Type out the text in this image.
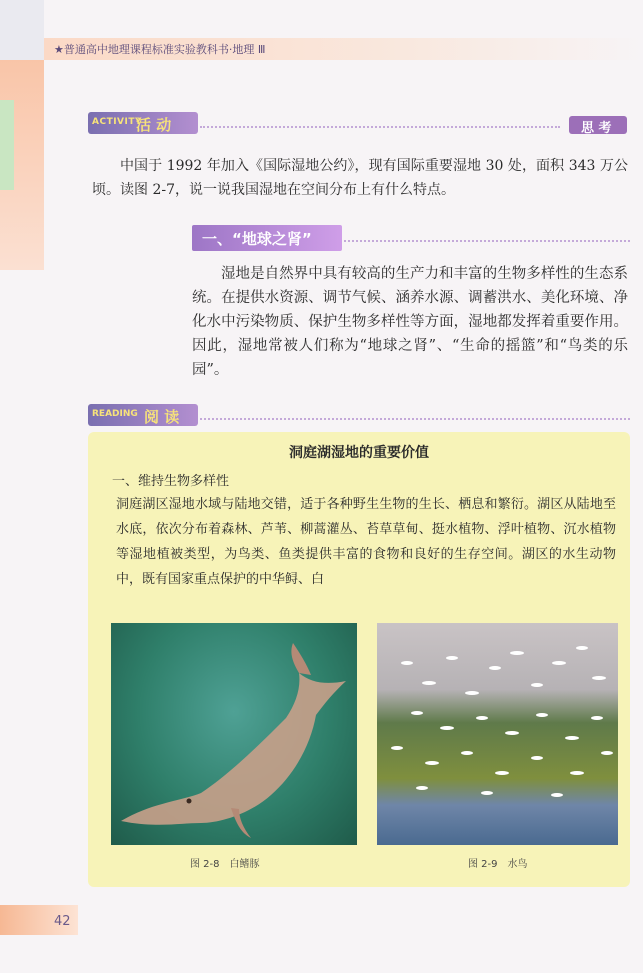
★普通高中地理课程标准实验教科书·地理 Ⅲ
ACTIVITY
活 动	思 考
中国于 1992 年加入《国际湿地公约》，现有国际重要湿地 30 处，面积 343 万公顷。读图 2-7，说一说我国湿地在空间分布上有什么特点。
一、“地球之肾”
湿地是自然界中具有较高的生产力和丰富的生物多样性的生态系统。在提供水资源、调节气候、涵养水源、调蓄洪水、美化环境、净化水中污染物质、保护生物多样性等方面，湿地都发挥着重要作用。因此，湿地常被人们称为“地球之肾”、“生命的摇篮”和“鸟类的乐园”。
READING 阅 读
洞庭湖湿地的重要价值
一、维持生物多样性
洞庭湖区湿地水域与陆地交错，适于各种野生生物的生长、栖息和繁衍。湖区从陆地至水底，依次分布着森林、芦苇、柳蒿灌丛、苔草草甸、挺水植物、浮叶植物、沉水植物等湿地植被类型，为鸟类、鱼类提供丰富的食物和良好的生存空间。湖区的水生动物中，既有国家重点保护的中华鲟、白
图 2-8　白鳍豚	图 2-9　水鸟
42
